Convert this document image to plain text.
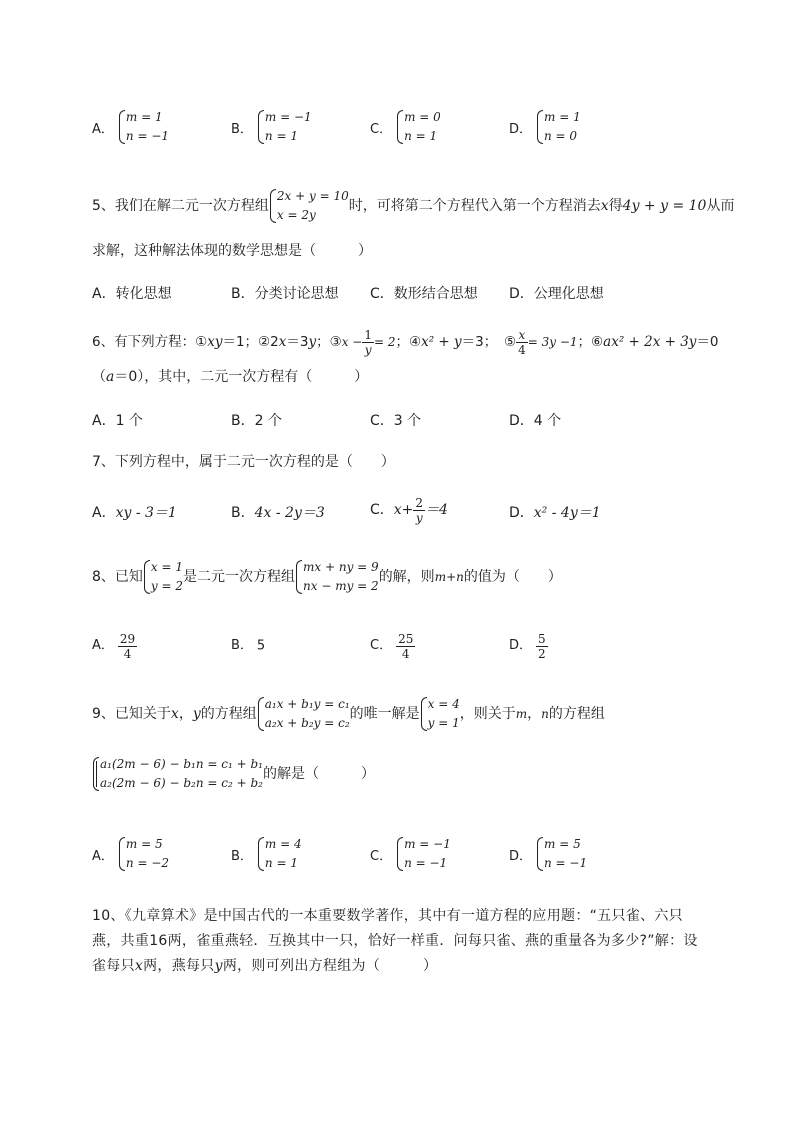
A．
m = 1
n = −1	B．
m = −1
n = 1	C．
m = 0
n = 1	D．
m = 1
n = 0
5、我们在解二元一次方程组
2x + y = 10
x = 2y
时，可将第二个方程代入第一个方程消去x得4y + y = 10从而
求解，这种解法体现的数学思想是（　　　）
A．转化思想	B．分类讨论思想 C．数形结合思想 D．公理化思想
6、有下列方程：①xy＝1；②2x＝3y；③x − $\frac{1}{y} = 2$；④x² + y＝3；　⑤ $\frac{x}{4} = 3y -1$；⑥ax² + 2x + 3y＝0
（a＝0），其中，二元一次方程有（　　　）
A．1 个	B．2 个	C．3 个	D．4 个
7、下列方程中，属于二元一次方程的是（　　）
A．xy - 3＝1	B．4x - 2y＝3	C．$x+ \frac{2}{y} =4$	D．x² - 4y＝1
8、已知
x = 1
y = 2
是二元一次方程组
mx + ny = 9
nx − my = 2
的解，则m+n的值为（　　）
A． $\frac{29}{4}$	B． 5	C． $\frac{25}{4}$	D． $\frac{5}{2}$
9、已知关于x，y的方程组
a₁x + b₁y = c₁
a₂x + b₂y = c₂
的唯一解是
x = 4
y = 1
，则关于m，n的方程组
a₁(2m − 6) − b₁n = c₁ + b₁
a₂(2m − 6) − b₂n = c₂ + b₂
的解是（　　　）
A．
m = 5
n = −2	B．
m = 4
n = 1	C．
m = −1
n = −1	D．
m = 5
n = −1
10、《九章算术》是中国古代的一本重要数学著作，其中有一道方程的应用题：“五只雀、六只燕，共重16两，雀重燕轻．互换其中一只，恰好一样重．问每只雀、燕的重量各为多少?”解：设雀每只x两，燕每只y两，则可列出方程组为（　　　）
